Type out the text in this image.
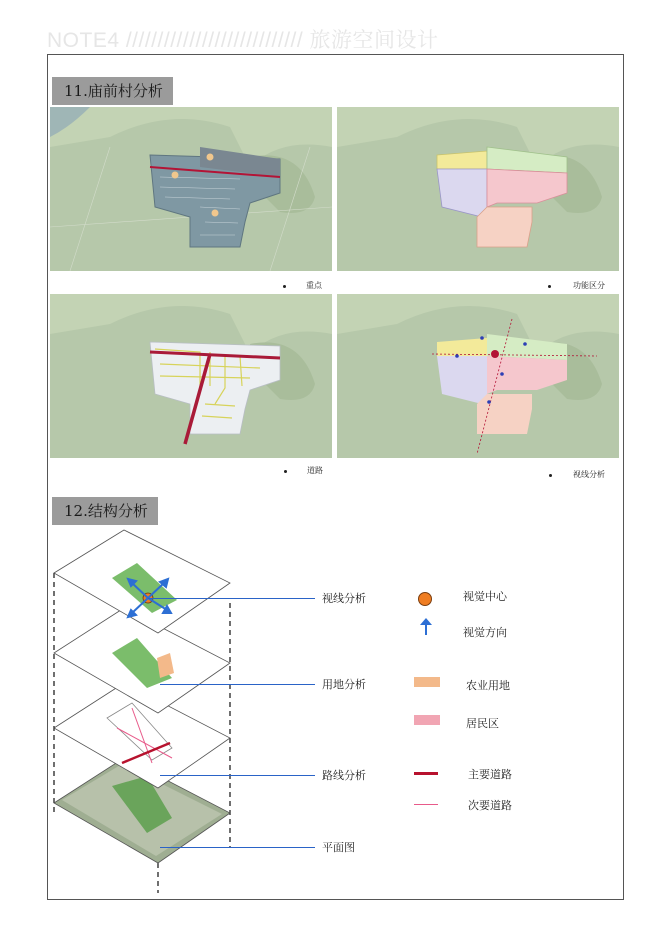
NOTE4 //////////////////////////// 旅游空间设计
11.庙前村分析
重点	功能区分
道路	视线分析
12.结构分析
视线分析
用地分析
路线分析
平面图
视觉中心
视觉方向
农业用地
居民区
主要道路
次要道路
